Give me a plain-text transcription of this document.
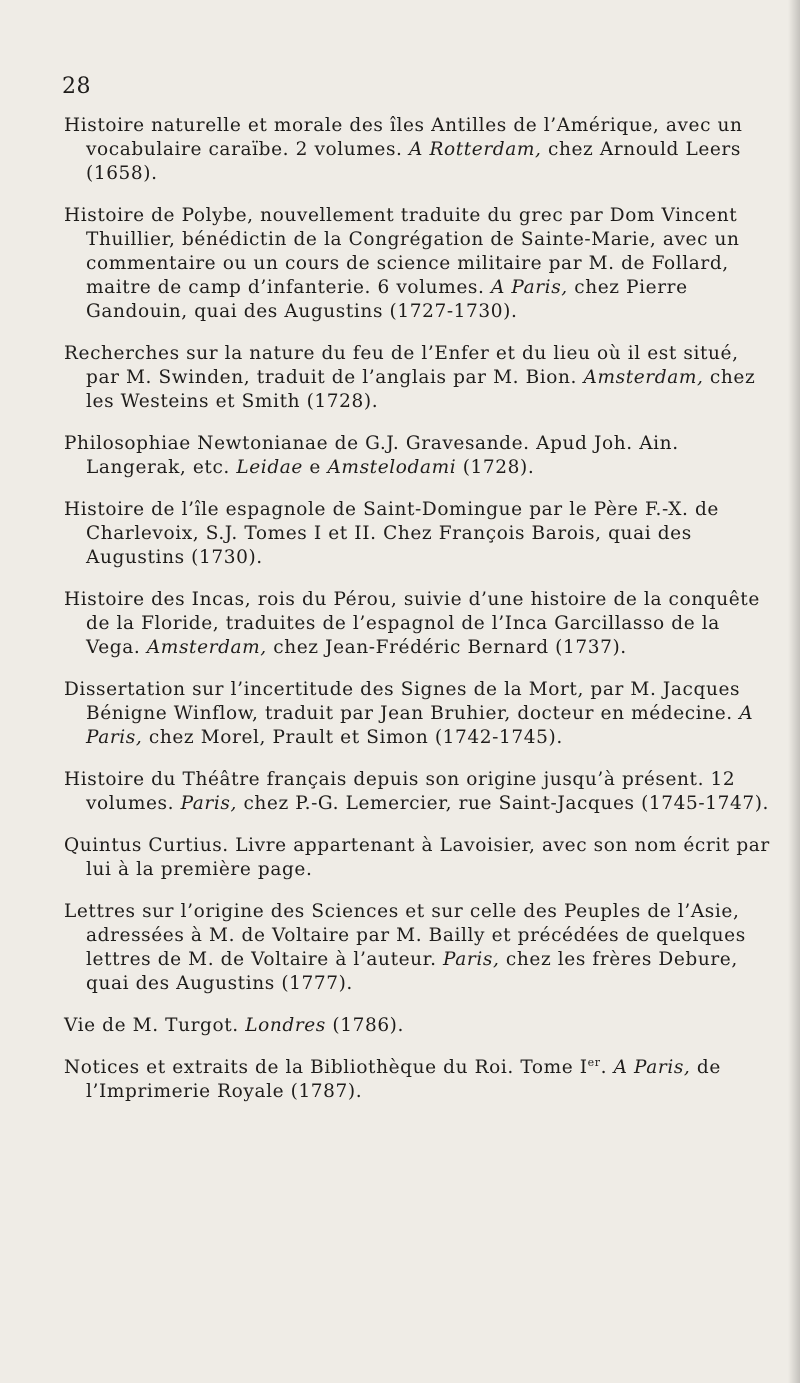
28

Histoire naturelle et morale des îles Antilles de l’Amérique, avec un vocabulaire caraïbe. 2 volumes. A Rotterdam, chez Arnould Leers (1658).

Histoire de Polybe, nouvellement traduite du grec par Dom Vincent Thuillier, bénédictin de la Congrégation de Sainte-Marie, avec un commentaire ou un cours de science militaire par M. de Follard, maitre de camp d’infanterie. 6 volumes. A Paris, chez Pierre Gandouin, quai des Augustins (1727-1730).

Recherches sur la nature du feu de l’Enfer et du lieu où il est situé, par M. Swinden, traduit de l’anglais par M. Bion. Amsterdam, chez les Westeins et Smith (1728).

Philosophiae Newtonianae de G.J. Gravesande. Apud Joh. Ain. Langerak, etc. Leidae e Amstelodami (1728).

Histoire de l’île espagnole de Saint-Domingue par le Père F.-X. de Charlevoix, S.J. Tomes I et II. Chez François Barois, quai des Augustins (1730).

Histoire des Incas, rois du Pérou, suivie d’une histoire de la conquête de la Floride, traduites de l’espagnol de l’Inca Garcillasso de la Vega. Amsterdam, chez Jean-Frédéric Bernard (1737).

Dissertation sur l’incertitude des Signes de la Mort, par M. Jacques Bénigne Winflow, traduit par Jean Bruhier, docteur en médecine. A Paris, chez Morel, Prault et Simon (1742-1745).

Histoire du Théâtre français depuis son origine jusqu’à présent. 12 volumes. Paris, chez P.-G. Lemercier, rue Saint-Jacques (1745-1747).

Quintus Curtius. Livre appartenant à Lavoisier, avec son nom écrit par lui à la première page.

Lettres sur l’origine des Sciences et sur celle des Peuples de l’Asie, adressées à M. de Voltaire par M. Bailly et précédées de quelques lettres de M. de Voltaire à l’auteur. Paris, chez les frères Debure, quai des Augustins (1777).

Vie de M. Turgot. Londres (1786).

Notices et extraits de la Bibliothèque du Roi. Tome Ier. A Paris, de l’Imprimerie Royale (1787).
